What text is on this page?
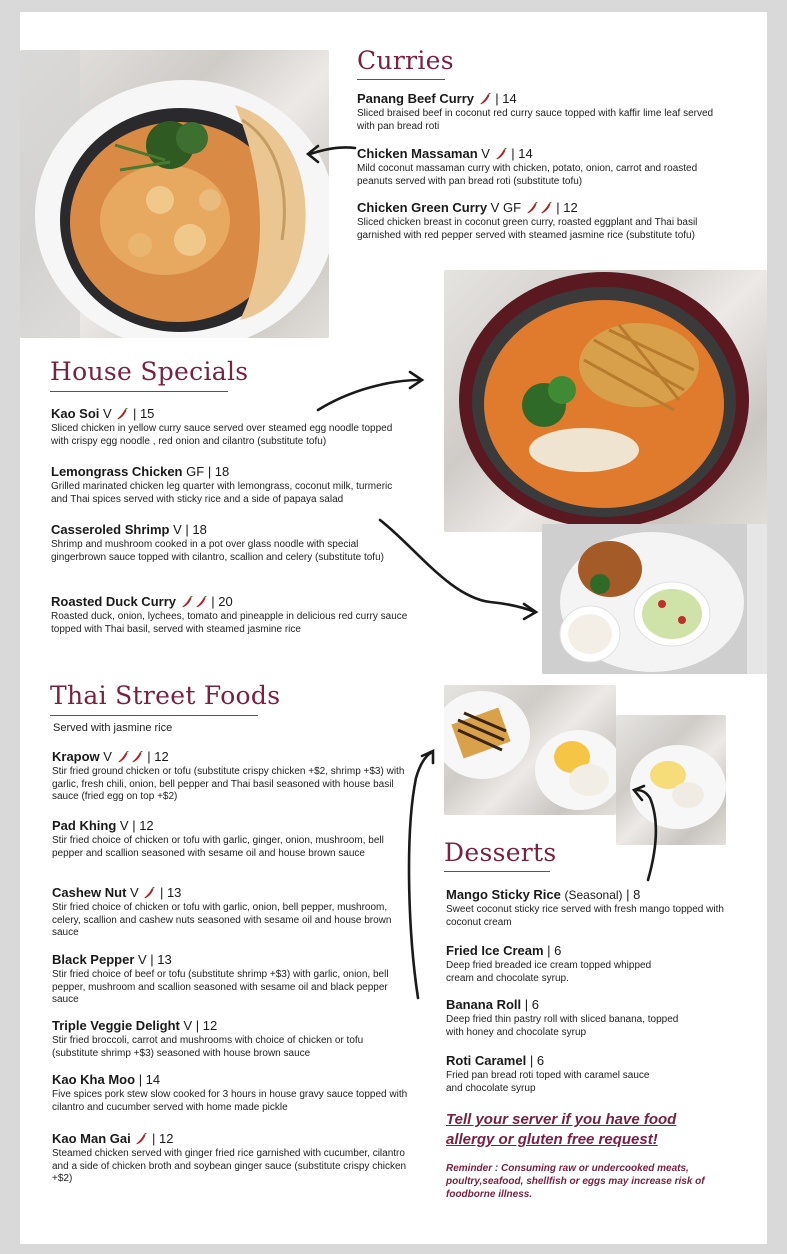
Curries
Panang Beef Curry | 14
Sliced braised beef in coconut red curry sauce topped with kaffir lime leaf served with pan bread roti
Chicken Massaman V | 14
Mild coconut massaman curry with chicken, potato, onion, carrot and roasted peanuts served with pan bread roti (substitute tofu)
Chicken Green Curry V GF	| 12
Sliced chicken breast in coconut green curry, roasted eggplant and Thai basil garnished with red pepper served with steamed jasmine rice (substitute tofu)
House Specials
Kao Soi V | 15
Sliced chicken in yellow curry sauce served over steamed egg noodle topped with crispy egg noodle , red onion and cilantro (substitute tofu)
Lemongrass Chicken GF | 18
Grilled marinated chicken leg quarter with lemongrass, coconut milk, turmeric and Thai spices served with sticky rice and a side of papaya salad
Casseroled Shrimp V | 18
Shrimp and mushroom cooked in a pot over glass noodle with special gingerbrown sauce topped with cilantro, scallion and celery (substitute tofu)
Roasted Duck Curry	| 20
Roasted duck, onion, lychees, tomato and pineapple in delicious red curry sauce topped with Thai basil, served with steamed jasmine rice
Thai Street Foods
Served with jasmine rice
Krapow V	| 12
Stir fried ground chicken or tofu (substitute crispy chicken +$2, shrimp +$3) with garlic, fresh chili, onion, bell pepper and Thai basil seasoned with house basil sauce (fried egg on top +$2)
Pad Khing V | 12
Stir fried choice of chicken or tofu with garlic, ginger, onion, mushroom, bell pepper and scallion seasoned with sesame oil and house brown sauce
Cashew Nut V | 13
Stir fried choice of chicken or tofu with garlic, onion, bell pepper, mushroom, celery, scallion and cashew nuts seasoned with sesame oil and house brown sauce
Black Pepper V | 13
Stir fried choice of beef or tofu (substitute shrimp +$3) with garlic, onion, bell pepper, mushroom and scallion seasoned with sesame oil and black pepper sauce
Triple Veggie Delight V | 12
Stir fried broccoli, carrot and mushrooms with choice of chicken or tofu (substitute shrimp +$3) seasoned with house brown sauce
Kao Kha Moo | 14
Five spices pork stew slow cooked for 3 hours in house gravy sauce topped with cilantro and cucumber served with home made pickle
Kao Man Gai | 12
Steamed chicken served with ginger fried rice garnished with cucumber, cilantro and a side of chicken broth and soybean ginger sauce (substitute crispy chicken +$2)
Desserts
Mango Sticky Rice (Seasonal) | 8
Sweet coconut sticky rice served with fresh mango topped with coconut cream
Fried Ice Cream | 6
Deep fried breaded ice cream topped whipped cream and chocolate syrup.
Banana Roll | 6
Deep fried thin pastry roll with sliced banana, topped with honey and chocolate syrup
Roti Caramel | 6
Fried pan bread roti toped with caramel sauce and chocolate syrup
Tell your server if you have food allergy or gluten free request!
Reminder : Consuming raw or undercooked meats, poultry,seafood, shellfish or eggs may increase risk of foodborne illness.
